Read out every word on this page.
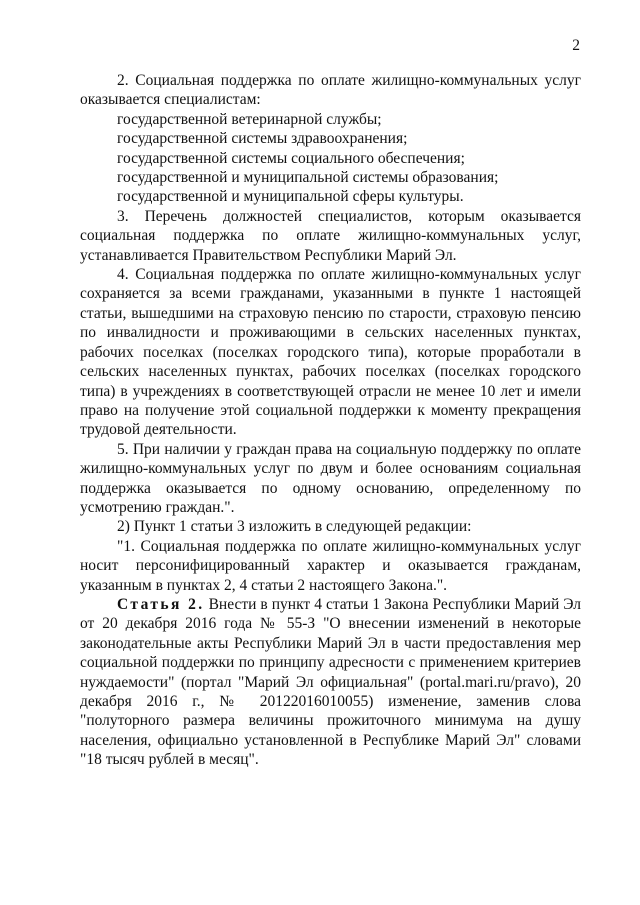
2

2. Социальная поддержка по оплате жилищно-коммунальных услуг оказывается специалистам:

государственной ветеринарной службы;

государственной системы здравоохранения;

государственной системы социального обеспечения;

государственной и муниципальной системы образования;

государственной и муниципальной сферы культуры.

3. Перечень должностей специалистов, которым оказывается социальная поддержка по оплате жилищно-коммунальных услуг, устанавливается Правительством Республики Марий Эл.

4. Социальная поддержка по оплате жилищно-коммунальных услуг сохраняется за всеми гражданами, указанными в пункте 1 настоящей статьи, вышедшими на страховую пенсию по старости, страховую пенсию по инвалидности и проживающими в сельских населенных пунктах, рабочих поселках (поселках городского типа), которые проработали в сельских населенных пунктах, рабочих поселках (поселках городского типа) в учреждениях в соответствующей отрасли не менее 10 лет и имели право на получение этой социальной поддержки к моменту прекращения трудовой деятельности.

5. При наличии у граждан права на социальную поддержку по оплате жилищно-коммунальных услуг по двум и более основаниям социальная поддержка оказывается по одному основанию, определенному по усмотрению граждан.".

2) Пункт 1 статьи 3 изложить в следующей редакции:

"1. Социальная поддержка по оплате жилищно-коммунальных услуг носит персонифицированный характер и оказывается гражданам, указанным в пунктах 2, 4 статьи 2 настоящего Закона.".

Статья 2. Внести в пункт 4 статьи 1 Закона Республики Марий Эл от 20 декабря 2016 года № 55-З "О внесении изменений в некоторые законодательные акты Республики Марий Эл в части предоставления мер социальной поддержки по принципу адресности с применением критериев нуждаемости" (портал "Марий Эл официальная" (portal.mari.ru/pravo), 20 декабря 2016 г., № 20122016010055) изменение, заменив слова "полуторного размера величины прожиточного минимума на душу населения, официально установленной в Республике Марий Эл" словами "18 тысяч рублей в месяц".
